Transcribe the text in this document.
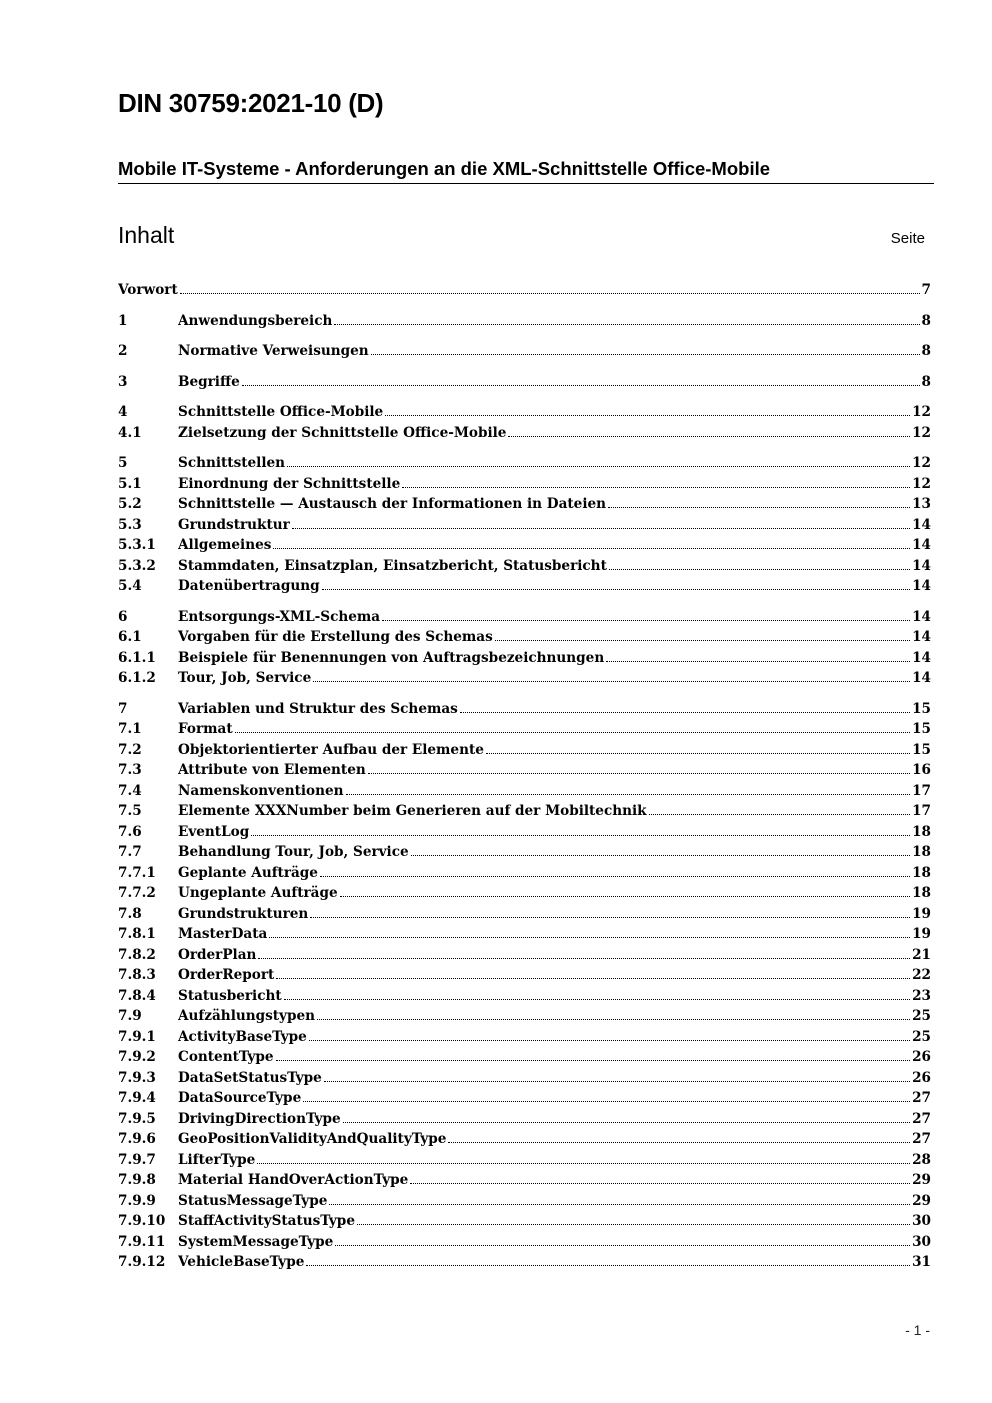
DIN 30759:2021-10 (D)
Mobile IT-Systeme - Anforderungen an die XML-Schnittstelle Office-Mobile
Inhalt	Seite
Vorwort	7
1	Anwendungsbereich	8
2	Normative Verweisungen	8
3	Begriffe	8
4	Schnittstelle Office-Mobile	12
4.1	Zielsetzung der Schnittstelle Office-Mobile	12
5	Schnittstellen	12
5.1	Einordnung der Schnittstelle	12
5.2	Schnittstelle — Austausch der Informationen in Dateien	13
5.3	Grundstruktur	14
5.3.1	Allgemeines	14
5.3.2	Stammdaten, Einsatzplan, Einsatzbericht, Statusbericht	14
5.4	Datenübertragung	14
6	Entsorgungs-XML-Schema	14
6.1	Vorgaben für die Erstellung des Schemas	14
6.1.1	Beispiele für Benennungen von Auftragsbezeichnungen	14
6.1.2	Tour, Job, Service	14
7	Variablen und Struktur des Schemas	15
7.1	Format	15
7.2	Objektorientierter Aufbau der Elemente	15
7.3	Attribute von Elementen	16
7.4	Namenskonventionen	17
7.5	Elemente XXXNumber beim Generieren auf der Mobiltechnik	17
7.6	EventLog	18
7.7	Behandlung Tour, Job, Service	18
7.7.1	Geplante Aufträge	18
7.7.2	Ungeplante Aufträge	18
7.8	Grundstrukturen	19
7.8.1	MasterData	19
7.8.2	OrderPlan	21
7.8.3	OrderReport	22
7.8.4	Statusbericht	23
7.9	Aufzählungstypen	25
7.9.1	ActivityBaseType	25
7.9.2	ContentType	26
7.9.3	DataSetStatusType	26
7.9.4	DataSourceType	27
7.9.5	DrivingDirectionType	27
7.9.6	GeoPositionValidityAndQualityType	27
7.9.7	LifterType	28
7.9.8	Material HandOverActionType	29
7.9.9	StatusMessageType	29
7.9.10 StaffActivityStatusType	30
7.9.11 SystemMessageType	30
7.9.12 VehicleBaseType	31
- 1 -
